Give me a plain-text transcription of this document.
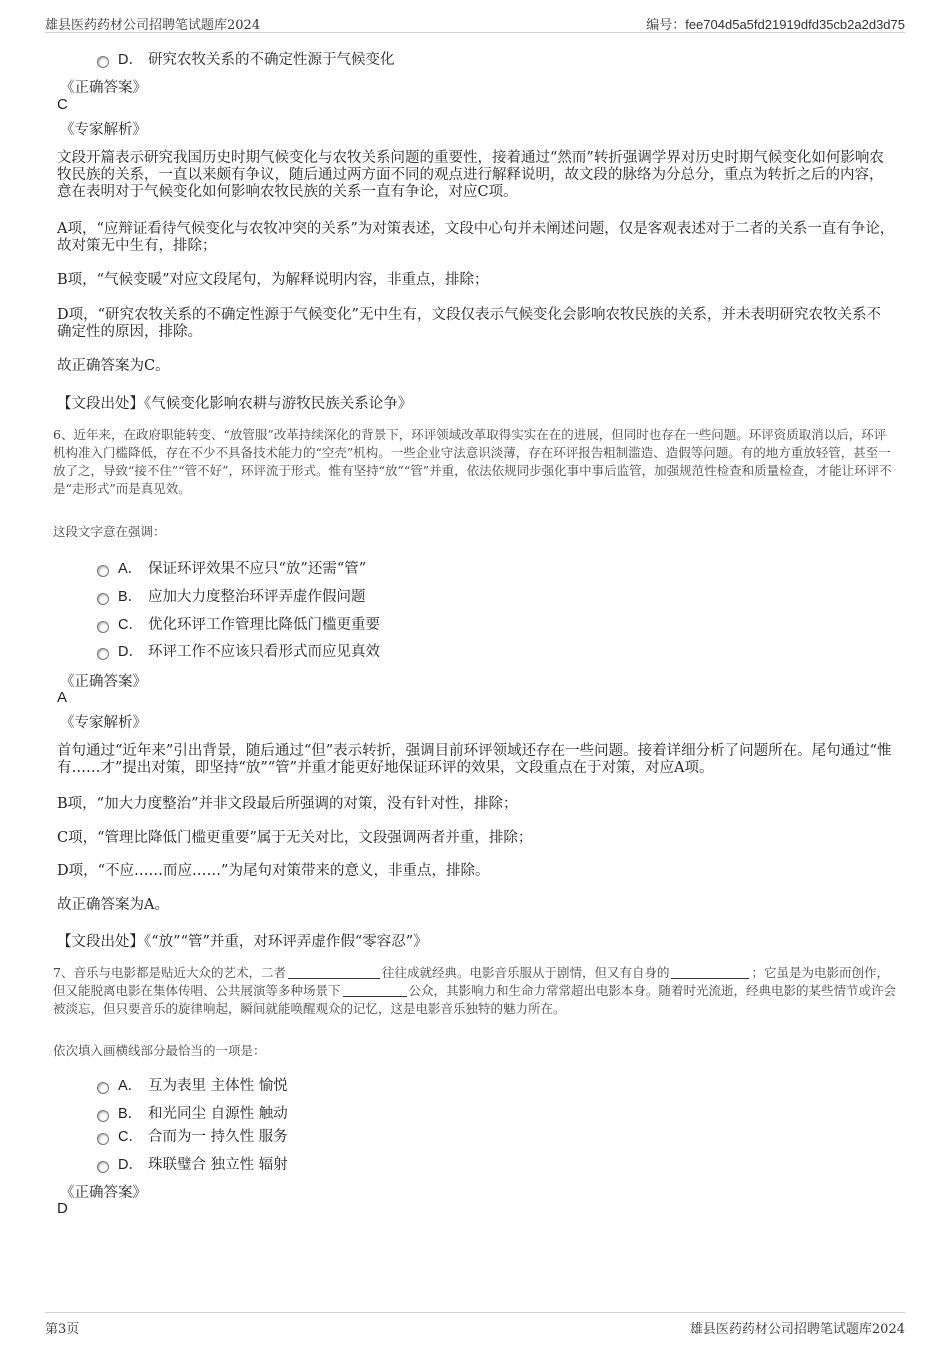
雄县医药药材公司招聘笔试题库2024	编号：fee704d5a5fd21919dfd35cb2a2d3d75
D． 研究农牧关系的不确定性源于气候变化
《正确答案》
C
《专家解析》
文段开篇表示研究我国历史时期气候变化与农牧关系问题的重要性，接着通过“然而”转折强调学界对历史时期气候变化如何影响农牧民族的关系，一直以来颇有争议，随后通过两方面不同的观点进行解释说明，故文段的脉络为分总分，重点为转折之后的内容，意在表明对于气候变化如何影响农牧民族的关系一直有争论，对应C项。
A项，“应辩证看待气候变化与农牧冲突的关系”为对策表述，文段中心句并未阐述问题，仅是客观表述对于二者的关系一直有争论，故对策无中生有，排除；
B项，“气候变暖”对应文段尾句，为解释说明内容，非重点，排除；
D项，“研究农牧关系的不确定性源于气候变化”无中生有，文段仅表示气候变化会影响农牧民族的关系，并未表明研究农牧关系不确定性的原因，排除。
故正确答案为C。
【文段出处】《气候变化影响农耕与游牧民族关系论争》
6、近年来，在政府职能转变、“放管服”改革持续深化的背景下，环评领域改革取得实实在在的进展，但同时也存在一些问题。环评资质取消以后，环评机构准入门槛降低，存在不少不具备技术能力的“空壳”机构。一些企业守法意识淡薄，存在环评报告粗制滥造、造假等问题。有的地方重放轻管，甚至一放了之，导致“接不住”“管不好”，环评流于形式。惟有坚持“放”“管”并重，依法依规同步强化事中事后监管，加强规范性检查和质量检查，才能让环评不是“走形式”而是真见效。
这段文字意在强调：
A． 保证环评效果不应只“放”还需“管”
B． 应加大力度整治环评弄虚作假问题
C． 优化环评工作管理比降低门槛更重要
D． 环评工作不应该只看形式而应见真效
《正确答案》
A
《专家解析》
首句通过“近年来”引出背景，随后通过“但”表示转折，强调目前环评领域还存在一些问题。接着详细分析了问题所在。尾句通过“惟有……才”提出对策，即坚持“放”“管”并重才能更好地保证环评的效果，文段重点在于对策，对应A项。
B项，“加大力度整治”并非文段最后所强调的对策，没有针对性，排除；
C项，“管理比降低门槛更重要”属于无关对比，文段强调两者并重，排除；
D项，“不应……而应……”为尾句对策带来的意义，非重点，排除。
故正确答案为A。
【文段出处】《“放”“管”并重，对环评弄虚作假“零容忍”》
7、音乐与电影都是贴近大众的艺术，二者	往往成就经典。电影音乐服从于剧情，但又有自身的	；它虽是为电影而创作，但又能脱离电影在集体传唱、公共展演等多种场景下	公众，其影响力和生命力常常超出电影本身。随着时光流逝，经典电影的某些情节或许会被淡忘，但只要音乐的旋律响起，瞬间就能唤醒观众的记忆，这是电影音乐独特的魅力所在。
依次填入画横线部分最恰当的一项是：
A． 互为表里 主体性 愉悦
B． 和光同尘 自源性 触动
C． 合而为一 持久性 服务
D． 珠联璧合 独立性 辐射
《正确答案》
D
第3页	雄县医药药材公司招聘笔试题库2024
